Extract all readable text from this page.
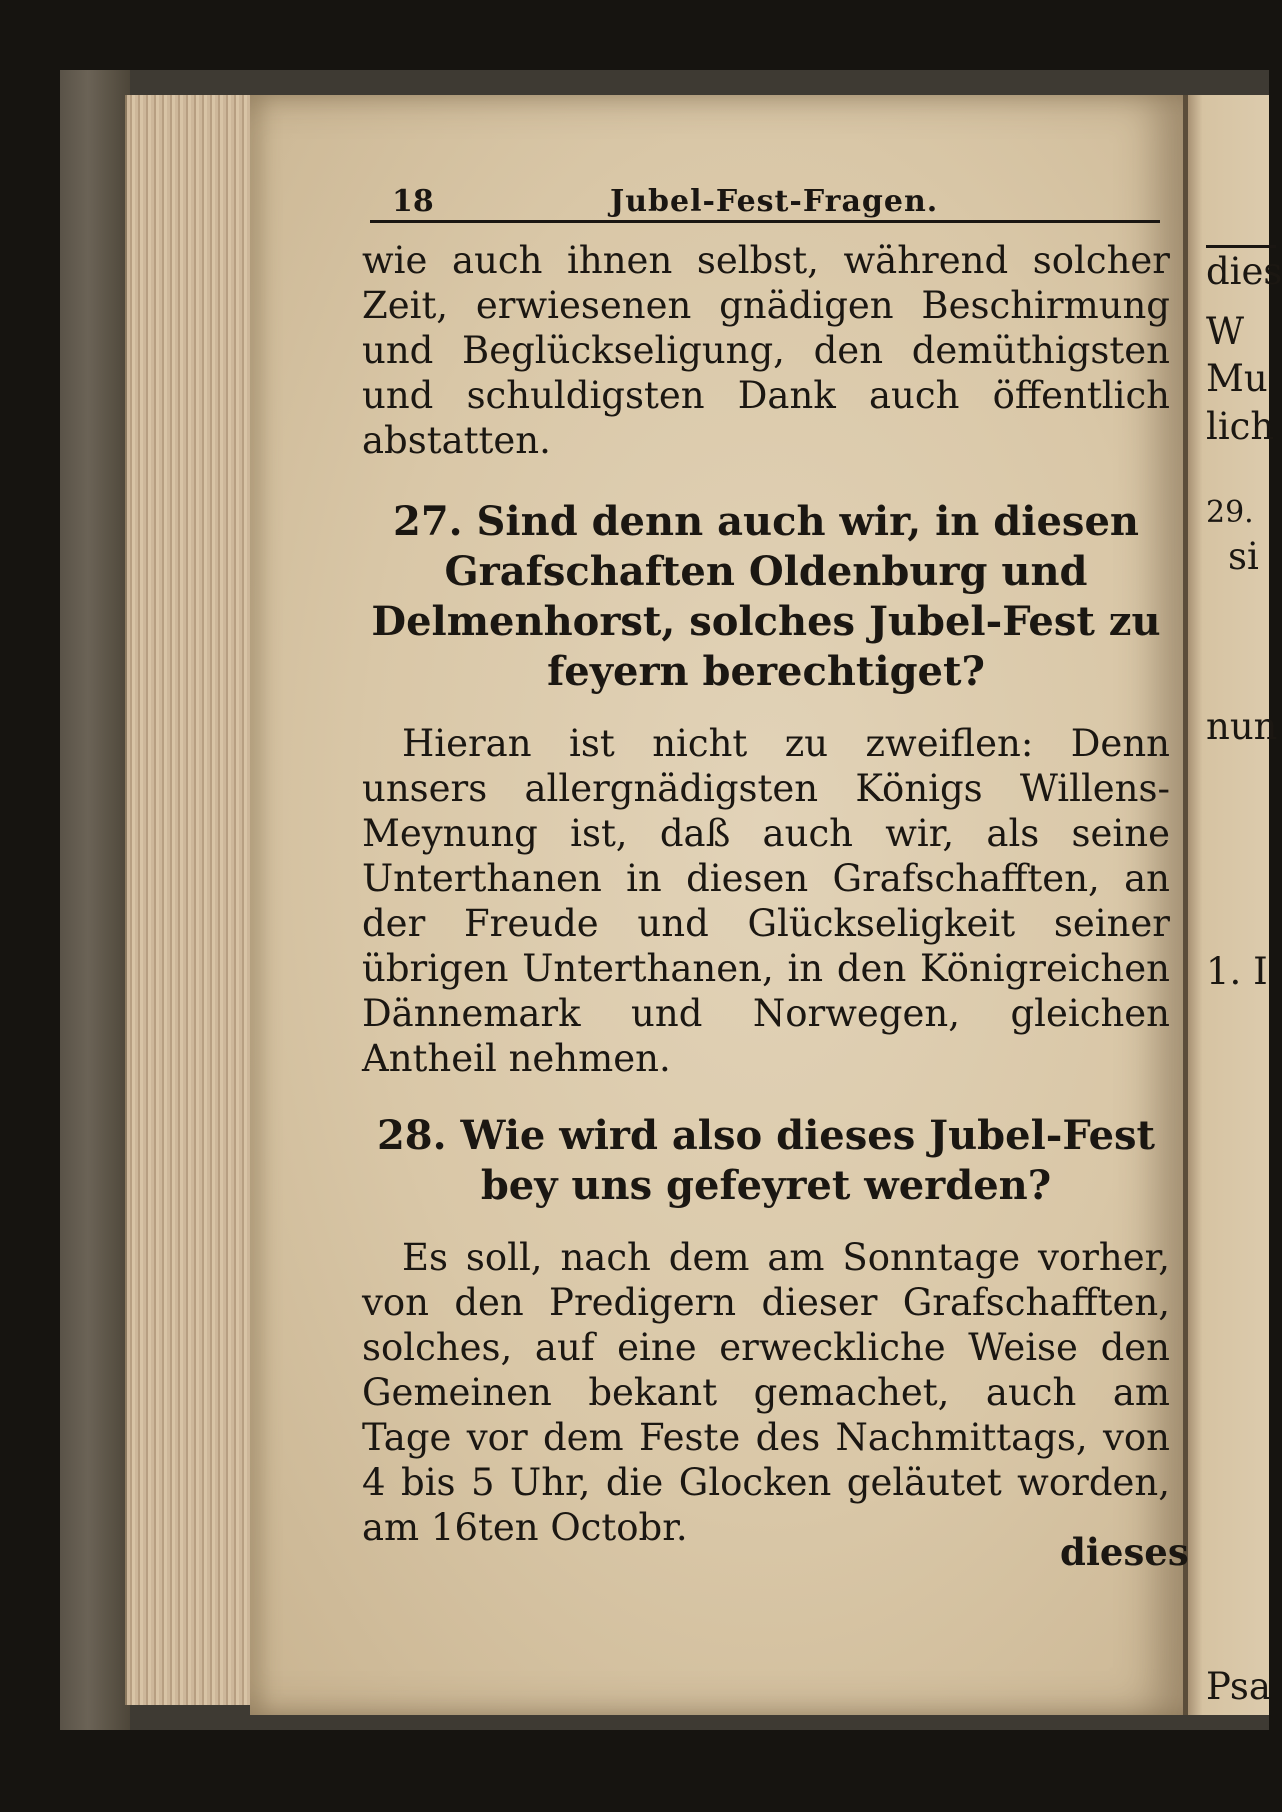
dies
W
Mu
lich
29.
si
nun
1. I
Psa
18	Jubel-Fest-Fragen.

wie auch ihnen selbst, während solcher Zeit, erwiesenen gnädigen Beschirmung und Beglückseligung, den demüthigsten und schuldigsten Dank auch öffentlich abstatten.

27. Sind denn auch wir, in diesen Grafschaften Oldenburg und Delmenhorst, solches Jubel-Fest zu feyern berechtiget?

Hieran ist nicht zu zweiflen: Denn unsers allergnädigsten Königs Willens-Meynung ist, daß auch wir, als seine Unterthanen in diesen Grafschafften, an der Freude und Glückseligkeit seiner übrigen Unterthanen, in den Königreichen Dännemark und Norwegen, gleichen Antheil nehmen.

28. Wie wird also dieses Jubel-Fest bey uns gefeyret werden?

Es soll, nach dem am Sonntage vorher, von den Predigern dieser Grafschafften, solches, auf eine erweckliche Weise den Gemeinen bekant gemachet, auch am Tage vor dem Feste des Nachmittags, von 4 bis 5 Uhr, die Glocken geläutet worden, am 16ten Octobr.

dieses
